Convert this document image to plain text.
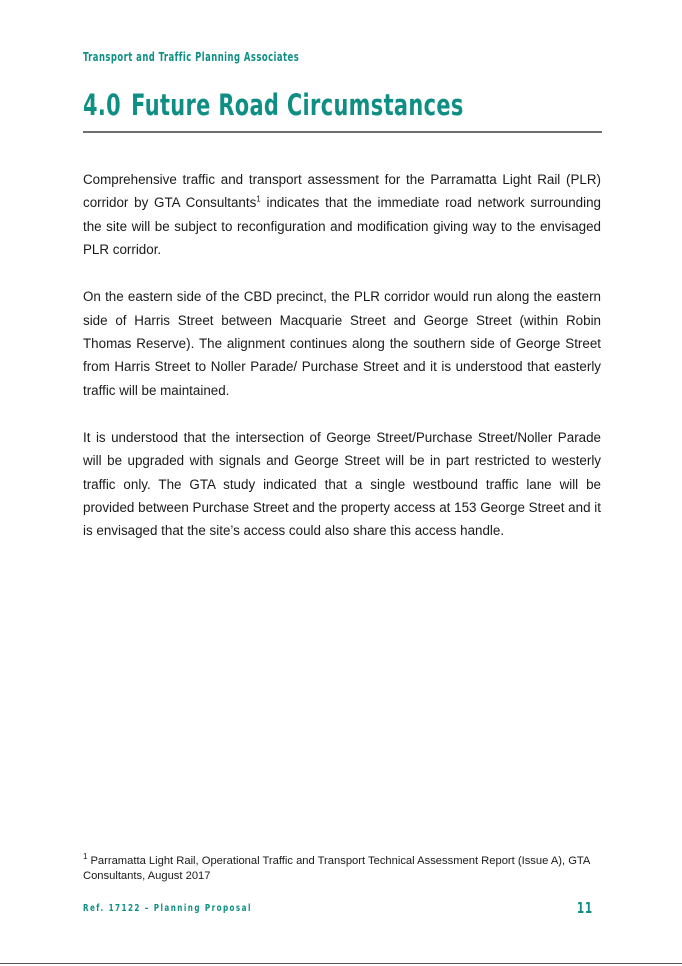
Transport and Traffic Planning Associates
4.0 Future Road Circumstances

Comprehensive traffic and transport assessment for the Parramatta Light Rail (PLR) corridor by GTA Consultants$^1$ indicates that the immediate road network surrounding the site will be subject to reconfiguration and modification giving way to the envisaged PLR corridor.

On the eastern side of the CBD precinct, the PLR corridor would run along the eastern side of Harris Street between Macquarie Street and George Street (within Robin Thomas Reserve). The alignment continues along the southern side of George Street from Harris Street to Noller Parade/ Purchase Street and it is understood that easterly traffic will be maintained.

It is understood that the intersection of George Street/Purchase Street/Noller Parade will be upgraded with signals and George Street will be in part restricted to westerly traffic only. The GTA study indicated that a single westbound traffic lane will be provided between Purchase Street and the property access at 153 George Street and it is envisaged that the site’s access could also share this access handle.

$^1$ Parramatta Light Rail, Operational Traffic and Transport Technical Assessment Report (Issue A), GTA Consultants, August 2017
Ref. 17122 – Planning Proposal	11
